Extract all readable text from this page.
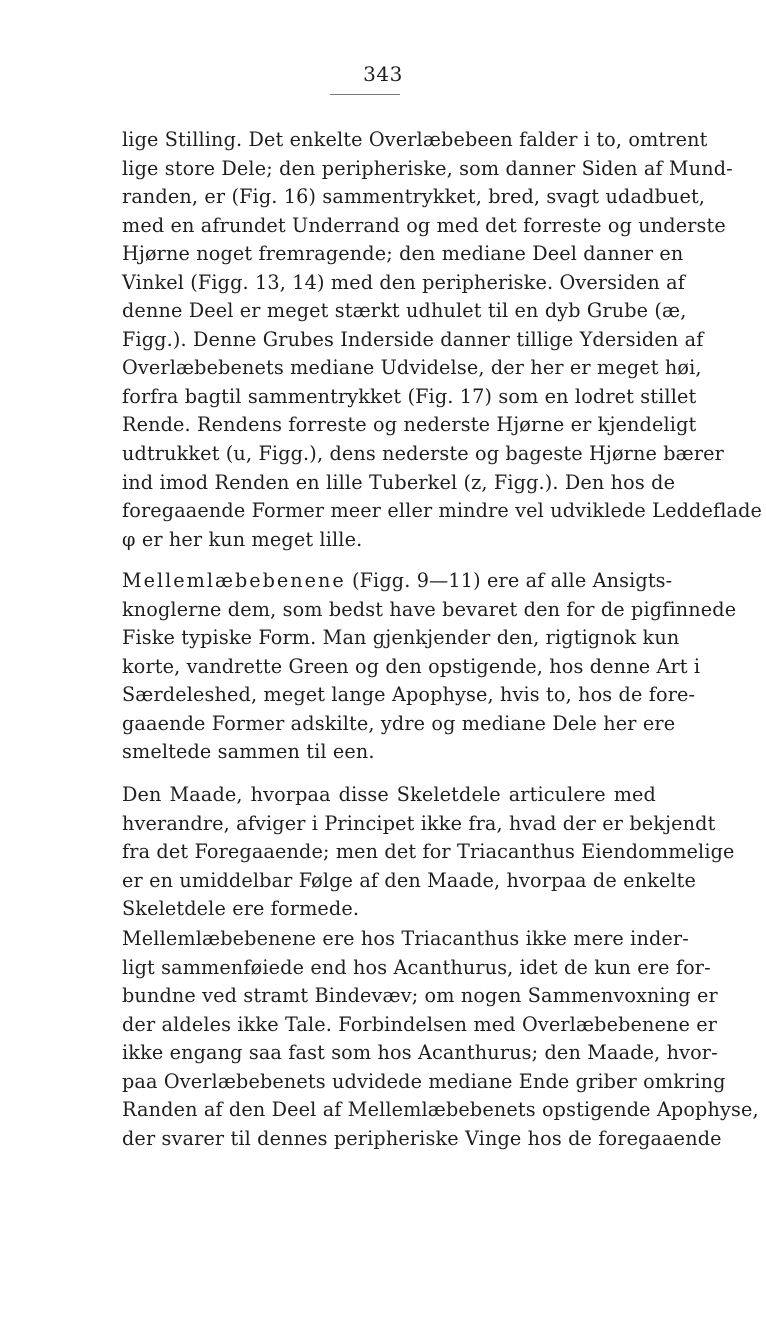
343
lige Stilling. Det enkelte Overlæbebeen falder i to, omtrent
lige store Dele; den peripheriske, som danner Siden af Mund-
randen, er (Fig. 16) sammentrykket, bred, svagt udadbuet,
med en afrundet Underrand og med det forreste og underste
Hjørne noget fremragende; den mediane Deel danner en
Vinkel (Figg. 13, 14) med den peripheriske. Oversiden af
denne Deel er meget stærkt udhulet til en dyb Grube (æ,
Figg.). Denne Grubes Inderside danner tillige Ydersiden af
Overlæbebenets mediane Udvidelse, der her er meget høi,
forfra bagtil sammentrykket (Fig. 17) som en lodret stillet
Rende. Rendens forreste og nederste Hjørne er kjendeligt
udtrukket (u, Figg.), dens nederste og bageste Hjørne bærer
ind imod Renden en lille Tuberkel (z, Figg.). Den hos de
foregaaende Former meer eller mindre vel udviklede Leddeflade
φ er her kun meget lille.
Mellemlæbebenene (Figg. 9—11) ere af alle Ansigts-
knoglerne dem, som bedst have bevaret den for de pigfinnede
Fiske typiske Form. Man gjenkjender den, rigtignok kun
korte, vandrette Green og den opstigende, hos denne Art i
Særdeleshed, meget lange Apophyse, hvis to, hos de fore-
gaaende Former adskilte, ydre og mediane Dele her ere
smeltede sammen til een.
Den Maade, hvorpaa disse Skeletdele articulere med
hverandre, afviger i Principet ikke fra, hvad der er bekjendt
fra det Foregaaende; men det for Triacanthus Eiendommelige
er en umiddelbar Følge af den Maade, hvorpaa de enkelte
Skeletdele ere formede.
Mellemlæbebenene ere hos Triacanthus ikke mere inder-
ligt sammenføiede end hos Acanthurus, idet de kun ere for-
bundne ved stramt Bindevæv; om nogen Sammenvoxning er
der aldeles ikke Tale. Forbindelsen med Overlæbebenene er
ikke engang saa fast som hos Acanthurus; den Maade, hvor-
paa Overlæbebenets udvidede mediane Ende griber omkring
Randen af den Deel af Mellemlæbebenets opstigende Apophyse,
der svarer til dennes peripheriske Vinge hos de foregaaende
